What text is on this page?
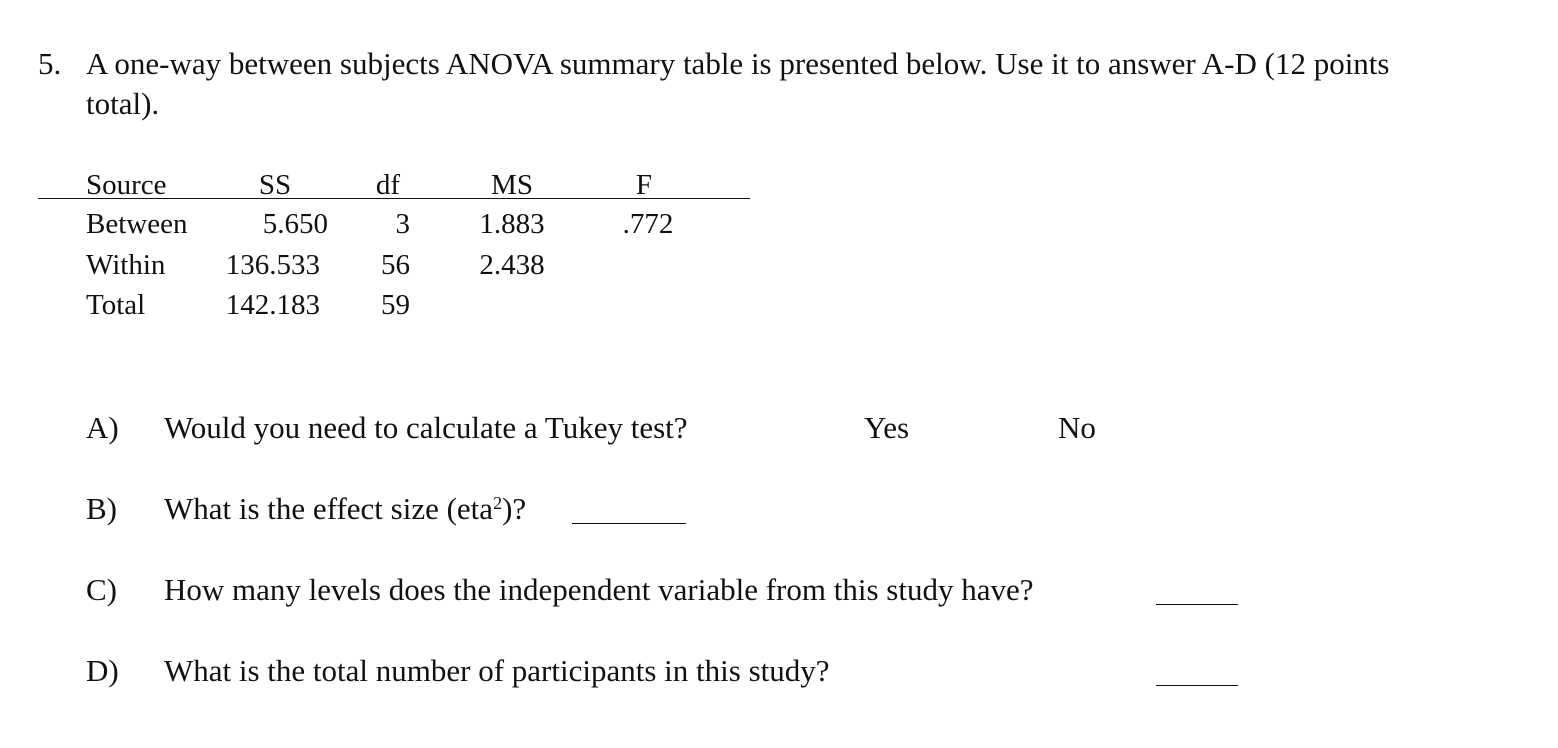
5. A one-way between subjects ANOVA summary table is presented below. Use it to answer A-D (12 points
total).
Source	SS	df	MS	F
Between	5.650	3	1.883	.772
Within	136.533	56	2.438
Total	142.183	59
A) Would you need to calculate a Tukey test?	Yes	No
B) What is the effect size (eta$^2$)?
C) How many levels does the independent variable from this study have?
D) What is the total number of participants in this study?
